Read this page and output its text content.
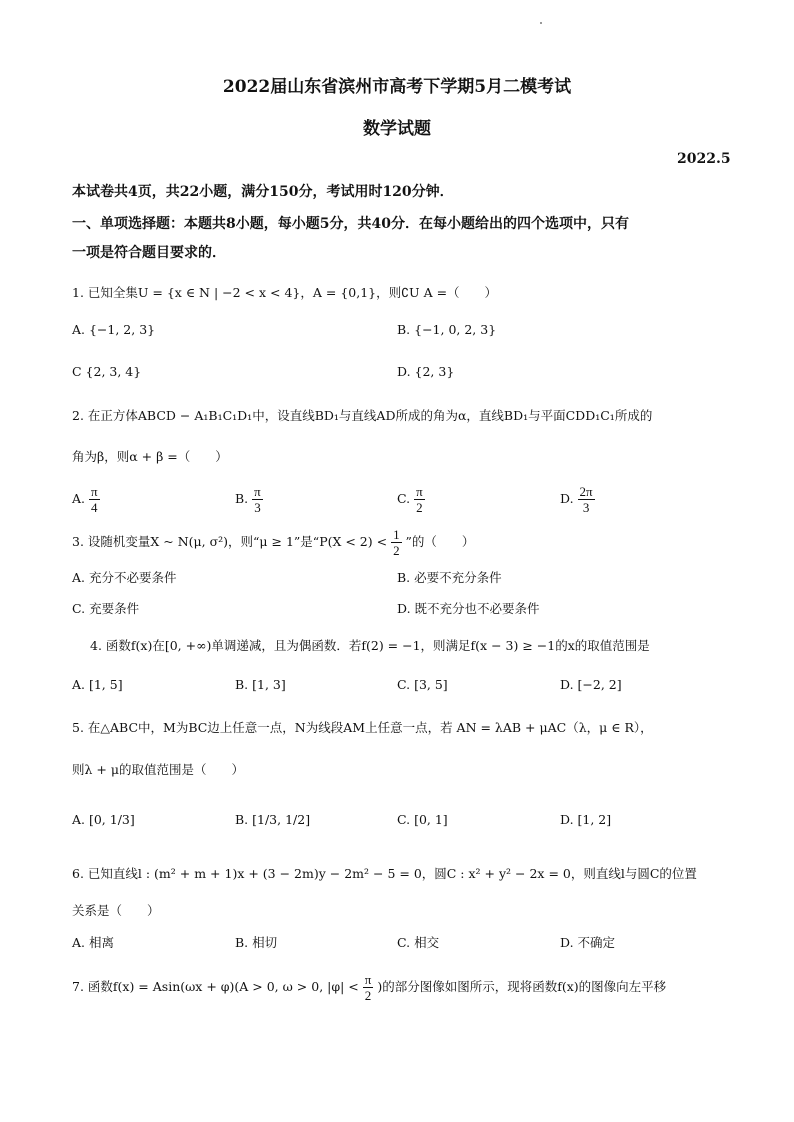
2022届山东省滨州市高考下学期5月二模考试
数学试题
2022.5
本试卷共4页，共22小题，满分150分，考试用时120分钟．
一、单项选择题：本题共8小题，每小题5分，共40分．在每小题给出的四个选项中，只有
一项是符合题目要求的．
1. 已知全集U = {x ∈ N | −2 < x < 4}，A = {0,1}，则∁U A =（　　）
A. {−1, 2, 3}	B. {−1, 0, 2, 3}
C {2, 3, 4}	D. {2, 3}
2. 在正方体ABCD − A₁B₁C₁D₁中，设直线BD₁与直线AD所成的角为α，直线BD₁与平面CDD₁C₁所成的
角为β，则α + β =（　　）
A. $\frac{\pi}{4}$	B. $\frac{\pi}{3}$	C. $\frac{\pi}{2}$	D. $\frac{2\pi}{3}$
3. 设随机变量X ~ N(μ, σ²)，则“μ ≥ 1”是“$P(X < 2) < \frac{1}{2}$ ”的（　　）
A. 充分不必要条件	B. 必要不充分条件
C. 充要条件	D. 既不充分也不必要条件
4. 函数f(x)在[0, +∞)单调递减，且为偶函数．若f(2) = −1，则满足f(x − 3) ≥ −1的x的取值范围是
A. [1, 5]	B. [1, 3]	C. [3, 5]	D. [−2, 2]
5. 在△ABC中，M为BC边上任意一点，N为线段AM上任意一点，若 AN = λAB + μAC（λ，μ ∈ R），
则λ + μ的取值范围是（　　）
A. [0, 1/3]	B. [1/3, 1/2]	C. [0, 1]	D. [1, 2]
6. 已知直线l : (m² + m + 1)x + (3 − 2m)y − 2m² − 5 = 0，圆C : x² + y² − 2x = 0，则直线l与圆C的位置
关系是（　　）
A. 相离	B. 相切	C. 相交	D. 不确定
7. 函数f(x) = Asin(ωx + φ)(A > 0, ω > 0, $|\varphi| < \frac{\pi}{2}$ )的部分图像如图所示，现将函数f(x)的图像向左平移
